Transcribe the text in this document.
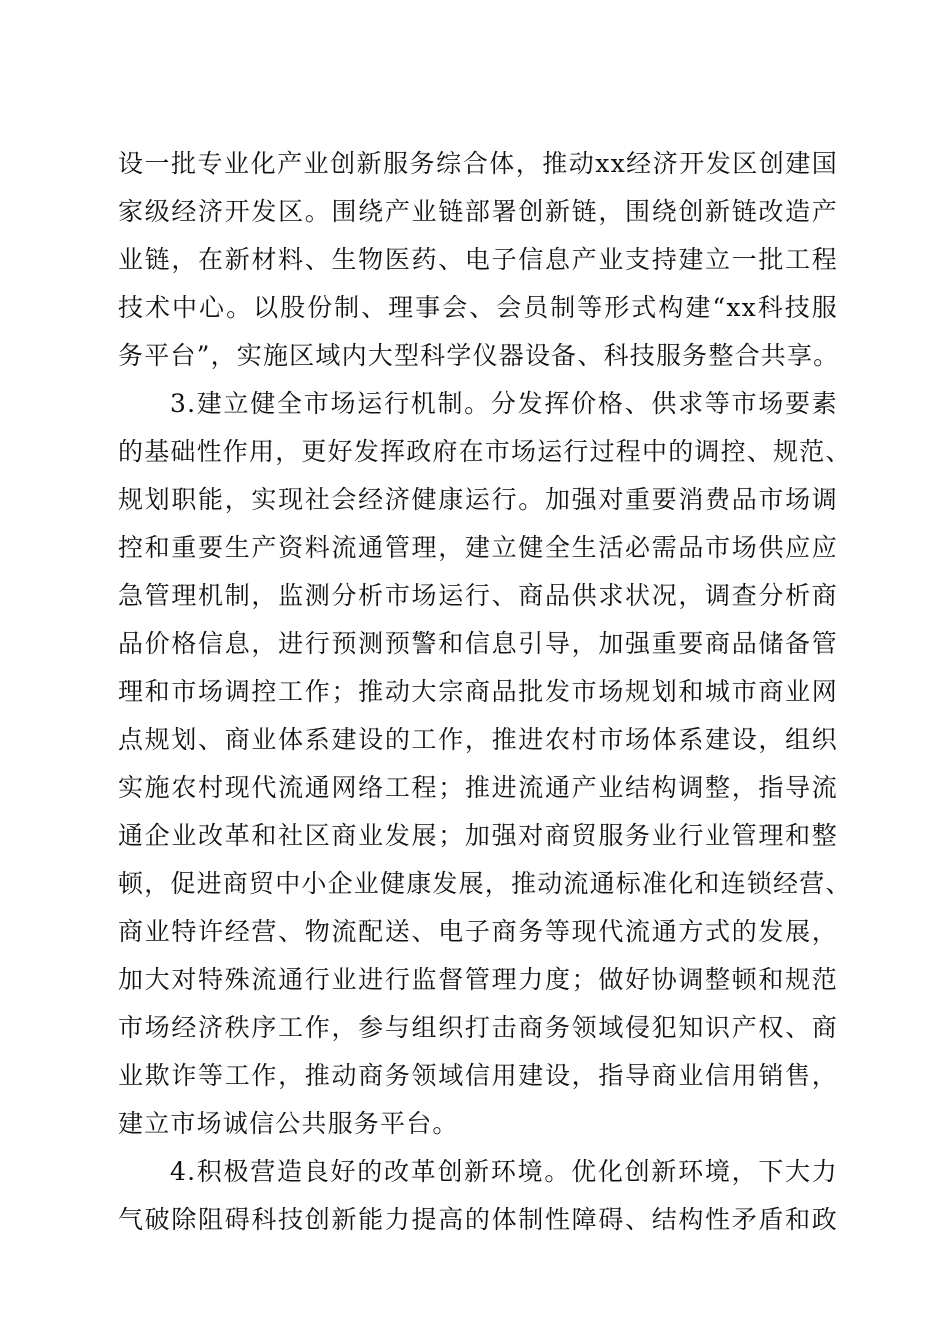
设一批专业化产业创新服务综合体，推动xx经济开发区创建国
家级经济开发区。围绕产业链部署创新链，围绕创新链改造产
业链，在新材料、生物医药、电子信息产业支持建立一批工程
技术中心。以股份制、理事会、会员制等形式构建“xx科技服
务平台”，实施区域内大型科学仪器设备、科技服务整合共享。
3.建立健全市场运行机制。分发挥价格、供求等市场要素
的基础性作用，更好发挥政府在市场运行过程中的调控、规范、
规划职能，实现社会经济健康运行。加强对重要消费品市场调
控和重要生产资料流通管理，建立健全生活必需品市场供应应
急管理机制，监测分析市场运行、商品供求状况，调查分析商
品价格信息，进行预测预警和信息引导，加强重要商品储备管
理和市场调控工作；推动大宗商品批发市场规划和城市商业网
点规划、商业体系建设的工作，推进农村市场体系建设，组织
实施农村现代流通网络工程；推进流通产业结构调整，指导流
通企业改革和社区商业发展；加强对商贸服务业行业管理和整
顿，促进商贸中小企业健康发展，推动流通标准化和连锁经营、
商业特许经营、物流配送、电子商务等现代流通方式的发展，
加大对特殊流通行业进行监督管理力度；做好协调整顿和规范
市场经济秩序工作，参与组织打击商务领域侵犯知识产权、商
业欺诈等工作，推动商务领域信用建设，指导商业信用销售，
建立市场诚信公共服务平台。
4.积极营造良好的改革创新环境。优化创新环境，下大力
气破除阻碍科技创新能力提高的体制性障碍、结构性矛盾和政
